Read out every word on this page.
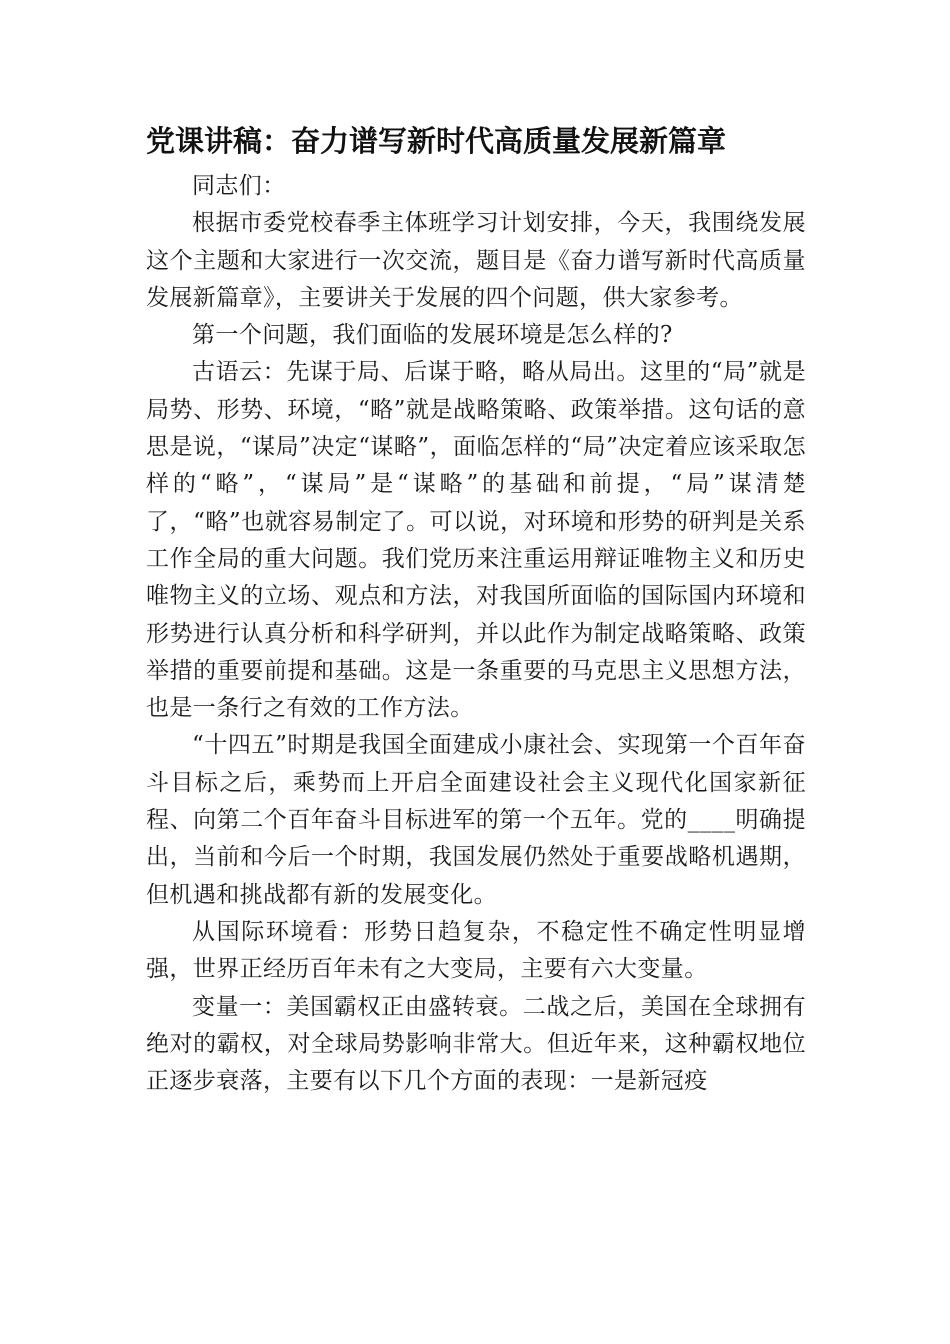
党课讲稿：奋力谱写新时代高质量发展新篇章

同志们：

根据市委党校春季主体班学习计划安排，今天，我围绕发展这个主题和大家进行一次交流，题目是《奋力谱写新时代高质量发展新篇章》，主要讲关于发展的四个问题，供大家参考。

第一个问题，我们面临的发展环境是怎么样的?

古语云：先谋于局、后谋于略，略从局出。这里的“局”就是局势、形势、环境，“略”就是战略策略、政策举措。这句话的意思是说，“谋局”决定“谋略”，面临怎样的“局”决定着应该采取怎样的“略”，“谋局”是“谋略”的基础和前提，“局”谋清楚了，“略”也就容易制定了。可以说，对环境和形势的研判是关系工作全局的重大问题。我们党历来注重运用辩证唯物主义和历史唯物主义的立场、观点和方法，对我国所面临的国际国内环境和形势进行认真分析和科学研判，并以此作为制定战略策略、政策举措的重要前提和基础。这是一条重要的马克思主义思想方法，也是一条行之有效的工作方法。

“十四五”时期是我国全面建成小康社会、实现第一个百年奋斗目标之后，乘势而上开启全面建设社会主义现代化国家新征程、向第二个百年奋斗目标进军的第一个五年。党的____明确提出，当前和今后一个时期，我国发展仍然处于重要战略机遇期，但机遇和挑战都有新的发展变化。

从国际环境看：形势日趋复杂，不稳定性不确定性明显增强，世界正经历百年未有之大变局，主要有六大变量。

变量一：美国霸权正由盛转衰。二战之后，美国在全球拥有绝对的霸权，对全球局势影响非常大。但近年来，这种霸权地位正逐步衰落，主要有以下几个方面的表现：一是新冠疫
